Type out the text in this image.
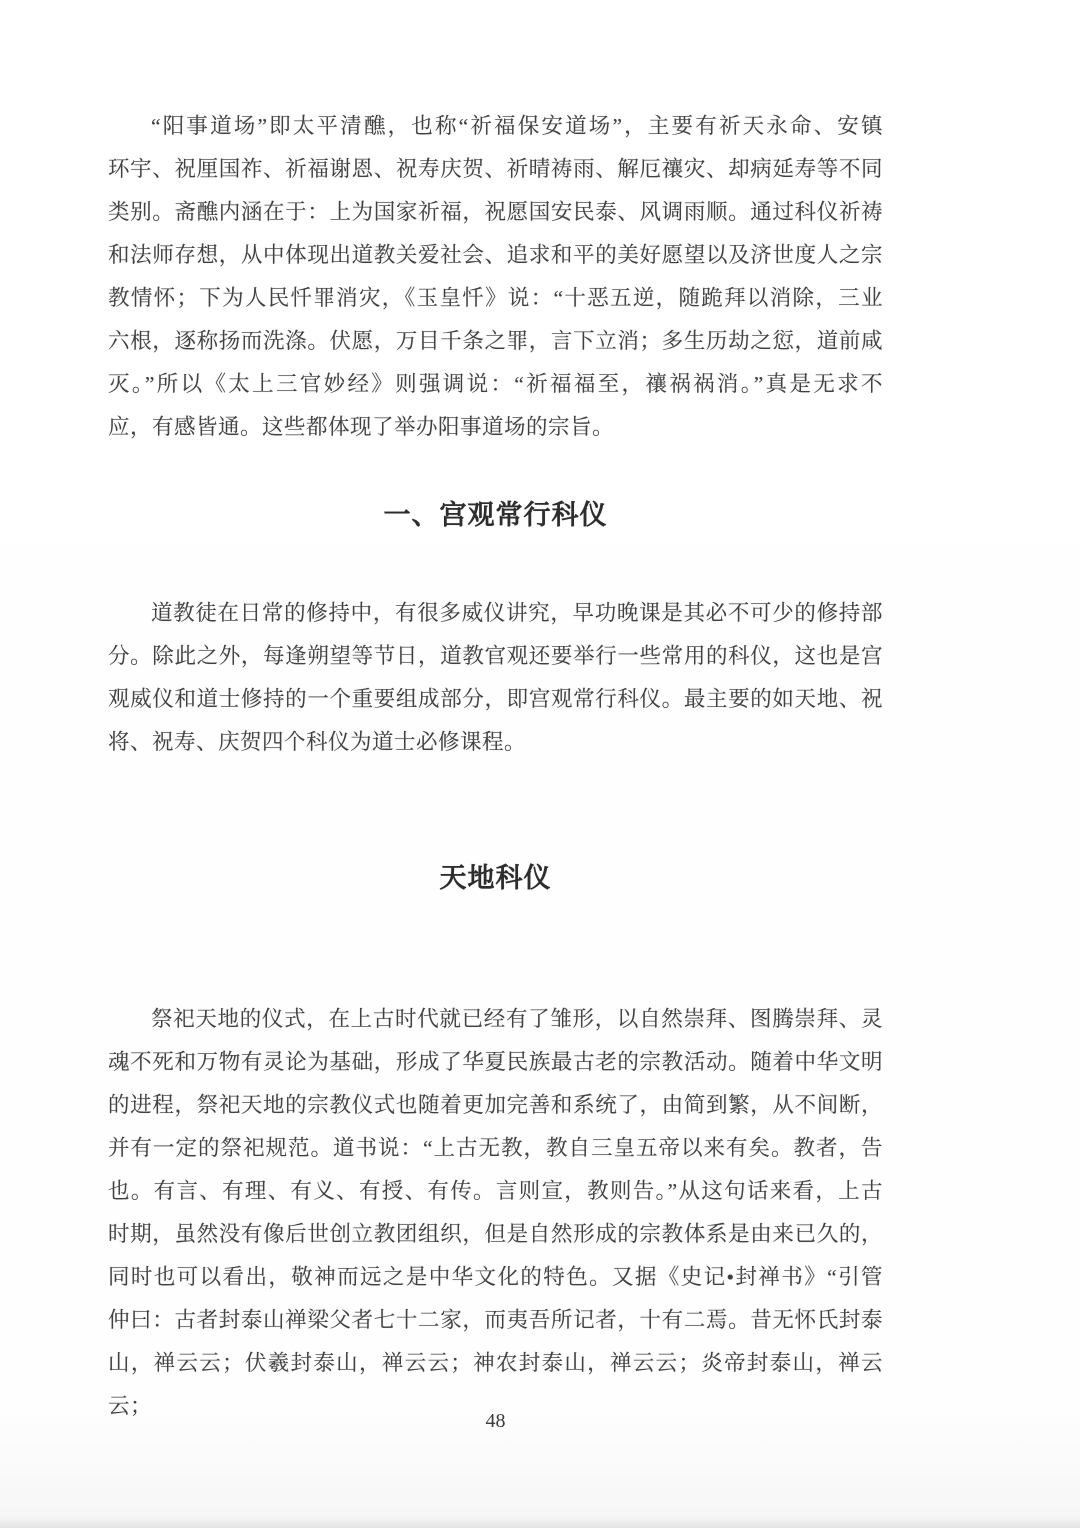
“阳事道场”即太平清醮，也称“祈福保安道场”，主要有祈天永命、安镇
环宇、祝厘国祚、祈福谢恩、祝寿庆贺、祈晴祷雨、解厄禳灾、却病延寿等不同
类别。斋醮内涵在于：上为国家祈福，祝愿国安民泰、风调雨顺。通过科仪祈祷
和法师存想，从中体现出道教关爱社会、追求和平的美好愿望以及济世度人之宗
教情怀；下为人民忏罪消灾，《玉皇忏》说：“十恶五逆，随跪拜以消除，三业
六根，逐称扬而洗涤。伏愿，万目千条之罪，言下立消；多生历劫之愆，道前咸
灭。”所以《太上三官妙经》则强调说：“祈福福至，禳祸祸消。”真是无求不
应，有感皆通。这些都体现了举办阳事道场的宗旨。
一、宫观常行科仪
道教徒在日常的修持中，有很多威仪讲究，早功晚课是其必不可少的修持部
分。除此之外，每逢朔望等节日，道教官观还要举行一些常用的科仪，这也是宫
观威仪和道士修持的一个重要组成部分，即宫观常行科仪。最主要的如天地、祝
将、祝寿、庆贺四个科仪为道士必修课程。
天地科仪
祭祀天地的仪式，在上古时代就已经有了雏形，以自然崇拜、图腾崇拜、灵
魂不死和万物有灵论为基础，形成了华夏民族最古老的宗教活动。随着中华文明
的进程，祭祀天地的宗教仪式也随着更加完善和系统了，由简到繁，从不间断，
并有一定的祭祀规范。道书说：“上古无教，教自三皇五帝以来有矣。教者，告
也。有言、有理、有义、有授、有传。言则宣，教则告。”从这句话来看，上古
时期，虽然没有像后世创立教团组织，但是自然形成的宗教体系是由来已久的，
同时也可以看出，敬神而远之是中华文化的特色。又据《史记•封禅书》“引管
仲曰：古者封泰山禅梁父者七十二家，而夷吾所记者，十有二焉。昔无怀氏封泰
山，禅云云；伏羲封泰山，禅云云；神农封泰山，禅云云；炎帝封泰山，禅云云；
48
